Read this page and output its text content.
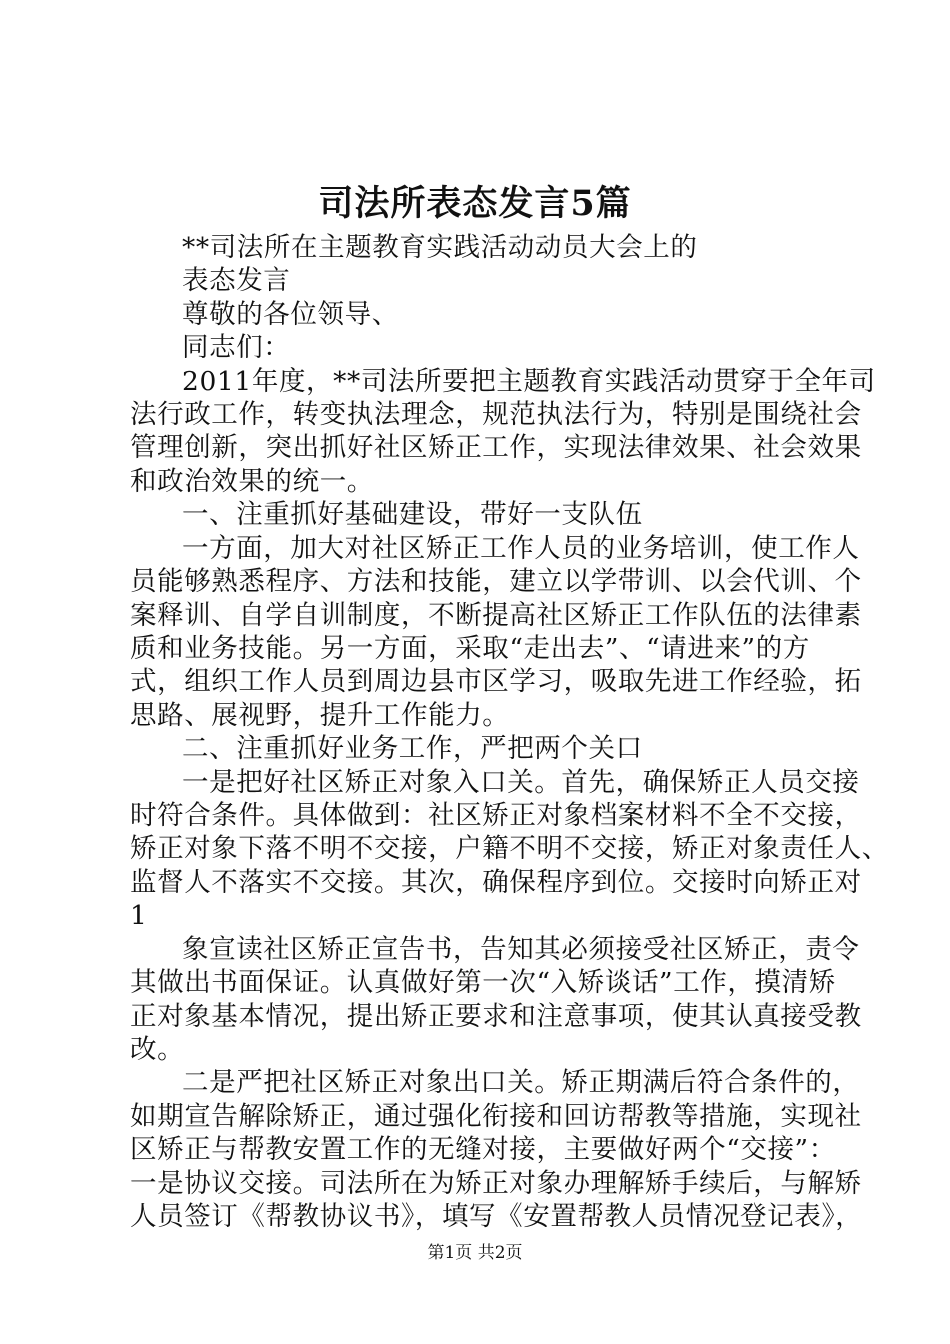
司法所表态发言5篇
**司法所在主题教育实践活动动员大会上的
表态发言
尊敬的各位领导、
同志们：
2011年度，**司法所要把主题教育实践活动贯穿于全年司
法行政工作，转变执法理念，规范执法行为，特别是围绕社会
管理创新，突出抓好社区矫正工作，实现法律效果、社会效果
和政治效果的统一。
一、注重抓好基础建设，带好一支队伍
一方面，加大对社区矫正工作人员的业务培训，使工作人
员能够熟悉程序、方法和技能，建立以学带训、以会代训、个
案释训、自学自训制度，不断提高社区矫正工作队伍的法律素
质和业务技能。另一方面，采取“走出去”、“请进来”的方
式，组织工作人员到周边县市区学习，吸取先进工作经验，拓
思路、展视野，提升工作能力。
二、注重抓好业务工作，严把两个关口
一是把好社区矫正对象入口关。首先，确保矫正人员交接
时符合条件。具体做到：社区矫正对象档案材料不全不交接，
矫正对象下落不明不交接，户籍不明不交接，矫正对象责任人、
监督人不落实不交接。其次，确保程序到位。交接时向矫正对
1
象宣读社区矫正宣告书，告知其必须接受社区矫正，责令
其做出书面保证。认真做好第一次“入矫谈话”工作，摸清矫
正对象基本情况，提出矫正要求和注意事项，使其认真接受教
改。
二是严把社区矫正对象出口关。矫正期满后符合条件的，
如期宣告解除矫正，通过强化衔接和回访帮教等措施，实现社
区矫正与帮教安置工作的无缝对接，主要做好两个“交接”：
一是协议交接。司法所在为矫正对象办理解矫手续后，与解矫
第1页 共2页
人员签订《帮教协议书》，填写《安置帮教人员情况登记表》，
